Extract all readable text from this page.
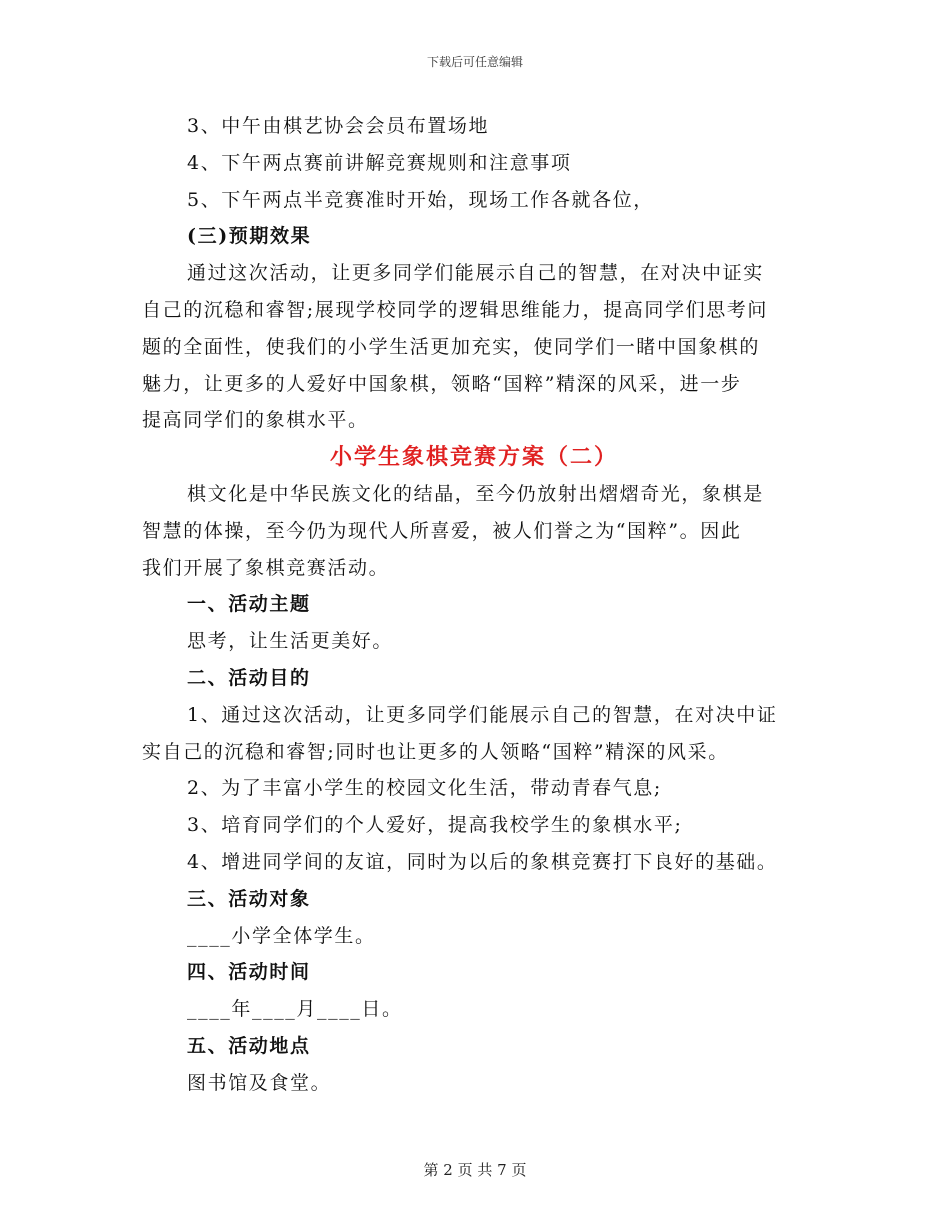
下载后可任意编辑
3、中午由棋艺协会会员布置场地
4、下午两点赛前讲解竞赛规则和注意事项
5、下午两点半竞赛准时开始，现场工作各就各位，
(三)预期效果
通过这次活动，让更多同学们能展示自己的智慧，在对决中证实
自己的沉稳和睿智;展现学校同学的逻辑思维能力，提高同学们思考问
题的全面性，使我们的小学生活更加充实，使同学们一睹中国象棋的
魅力，让更多的人爱好中国象棋，领略“国粹”精深的风采，进一步
提高同学们的象棋水平。
小学生象棋竞赛方案（二）
棋文化是中华民族文化的结晶，至今仍放射出熠熠奇光，象棋是
智慧的体操，至今仍为现代人所喜爱，被人们誉之为“国粹”。因此
我们开展了象棋竞赛活动。
一、活动主题
思考，让生活更美好。
二、活动目的
1、通过这次活动，让更多同学们能展示自己的智慧，在对决中证
实自己的沉稳和睿智;同时也让更多的人领略“国粹”精深的风采。
2、为了丰富小学生的校园文化生活，带动青春气息;
3、培育同学们的个人爱好，提高我校学生的象棋水平;
4、增进同学间的友谊，同时为以后的象棋竞赛打下良好的基础。
三、活动对象
____小学全体学生。
四、活动时间
____年____月____日。
五、活动地点
图书馆及食堂。
第 2 页 共 7 页
